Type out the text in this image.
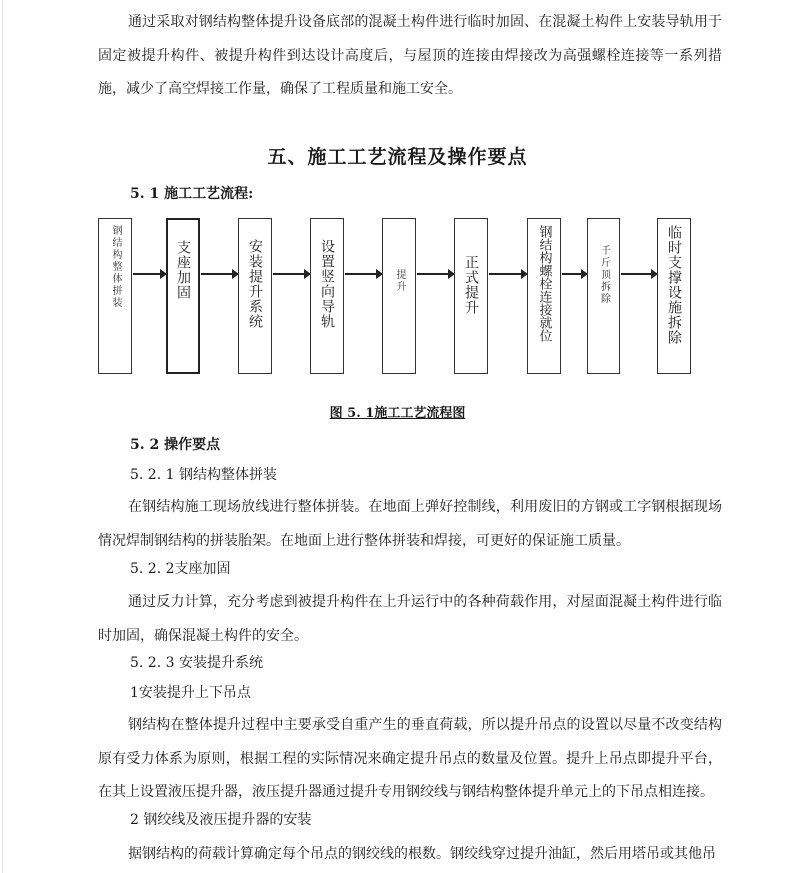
通过采取对钢结构整体提升设备底部的混凝土构件进行临时加固、在混凝土构件上安装导轨用于固定被提升构件、被提升构件到达设计高度后，与屋顶的连接由焊接改为高强螺栓连接等一系列措施，减少了高空焊接工作量，确保了工程质量和施工安全。

五、施工工艺流程及操作要点

5. 1 施工工艺流程:

钢结构整体拼装	支座加固	安装提升系统	设置竖向导轨	提升	正式提升	钢结构螺栓连接就位	千斤顶拆除	临时支撑设施拆除
图 5. 1施工工艺流程图

5. 2 操作要点

5. 2. 1 钢结构整体拼装

在钢结构施工现场放线进行整体拼装。在地面上弹好控制线，利用废旧的方钢或工字钢根据现场情况焊制钢结构的拼装胎架。在地面上进行整体拼装和焊接，可更好的保证施工质量。

5. 2. 2支座加固

通过反力计算，充分考虑到被提升构件在上升运行中的各种荷载作用，对屋面混凝土构件进行临时加固，确保混凝土构件的安全。

5. 2. 3 安装提升系统

1安装提升上下吊点

钢结构在整体提升过程中主要承受自重产生的垂直荷载，所以提升吊点的设置以尽量不改变结构原有受力体系为原则，根据工程的实际情况来确定提升吊点的数量及位置。提升上吊点即提升平台，在其上设置液压提升器，液压提升器通过提升专用钢绞线与钢结构整体提升单元上的下吊点相连接。

2 钢绞线及液压提升器的安装

据钢结构的荷载计算确定每个吊点的钢绞线的根数。钢绞线穿过提升油缸，然后用塔吊或其他吊
